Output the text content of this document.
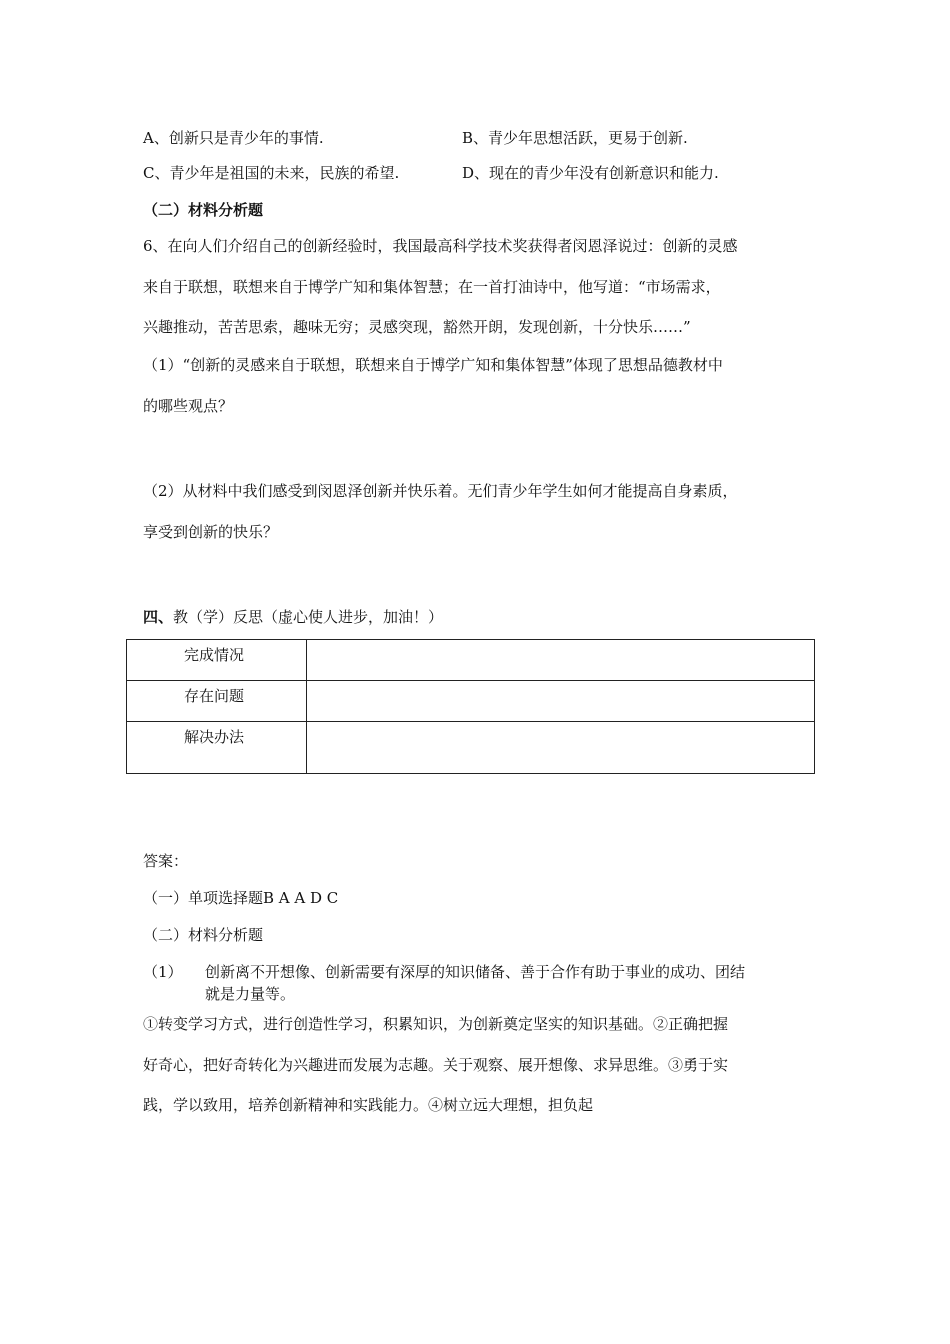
A、创新只是青少年的事情.	B、青少年思想活跃，更易于创新.
C、青少年是祖国的未来，民族的希望.	D、现在的青少年没有创新意识和能力.
（二）材料分析题
6、在向人们介绍自己的创新经验时，我国最高科学技术奖获得者闵恩泽说过：创新的灵感
来自于联想，联想来自于博学广知和集体智慧；在一首打油诗中，他写道：“市场需求，
兴趣推动，苦苦思索，趣味无穷；灵感突现，豁然开朗，发现创新，十分快乐……”
（1）“创新的灵感来自于联想，联想来自于博学广知和集体智慧”体现了思想品德教材中
的哪些观点？
（2）从材料中我们感受到闵恩泽创新并快乐着。无们青少年学生如何才能提高自身素质，
享受到创新的快乐？
四、教（学）反思（虚心使人进步，加油！）
完成情况	
存在问题	
解决办法	
答案：
（一）单项选择题B A A D C
（二）材料分析题
（1） 创新离不开想像、创新需要有深厚的知识储备、善于合作有助于事业的成功、团结
就是力量等。
①转变学习方式，进行创造性学习，积累知识，为创新奠定坚实的知识基础。②正确把握
好奇心，把好奇转化为兴趣进而发展为志趣。关于观察、展开想像、求异思维。③勇于实
践，学以致用，培养创新精神和实践能力。④树立远大理想，担负起
